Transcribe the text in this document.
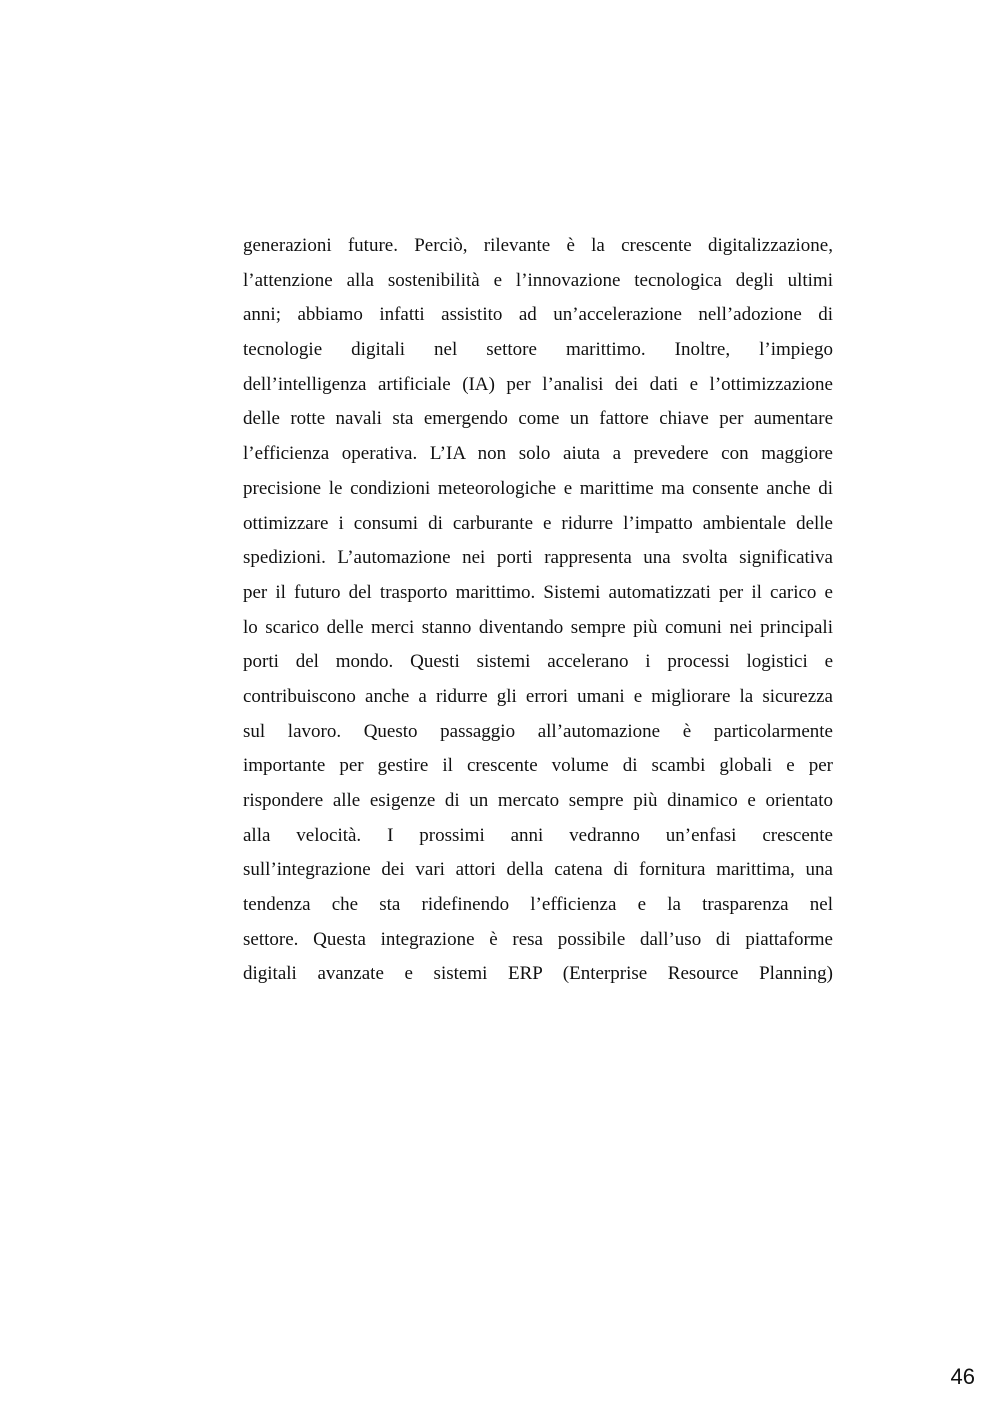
generazioni future. Perciò, rilevante è la crescente digitalizzazione,
l’attenzione alla sostenibilità e l’innovazione tecnologica degli ultimi
anni; abbiamo infatti assistito ad un’accelerazione nell’adozione di
tecnologie digitali nel settore marittimo. Inoltre, l’impiego
dell’intelligenza artificiale (IA) per l’analisi dei dati e l’ottimizzazione
delle rotte navali sta emergendo come un fattore chiave per aumentare
l’efficienza operativa. L’IA non solo aiuta a prevedere con maggiore
precisione le condizioni meteorologiche e marittime ma consente anche di
ottimizzare i consumi di carburante e ridurre l’impatto ambientale delle
spedizioni. L’automazione nei porti rappresenta una svolta significativa
per il futuro del trasporto marittimo. Sistemi automatizzati per il carico e
lo scarico delle merci stanno diventando sempre più comuni nei principali
porti del mondo. Questi sistemi accelerano i processi logistici e
contribuiscono anche a ridurre gli errori umani e migliorare la sicurezza
sul lavoro. Questo passaggio all’automazione è particolarmente
importante per gestire il crescente volume di scambi globali e per
rispondere alle esigenze di un mercato sempre più dinamico e orientato
alla velocità. I prossimi anni vedranno un’enfasi crescente
sull’integrazione dei vari attori della catena di fornitura marittima, una
tendenza che sta ridefinendo l’efficienza e la trasparenza nel
settore. Questa integrazione è resa possibile dall’uso di piattaforme
digitali avanzate e sistemi ERP (Enterprise Resource Planning)
46
